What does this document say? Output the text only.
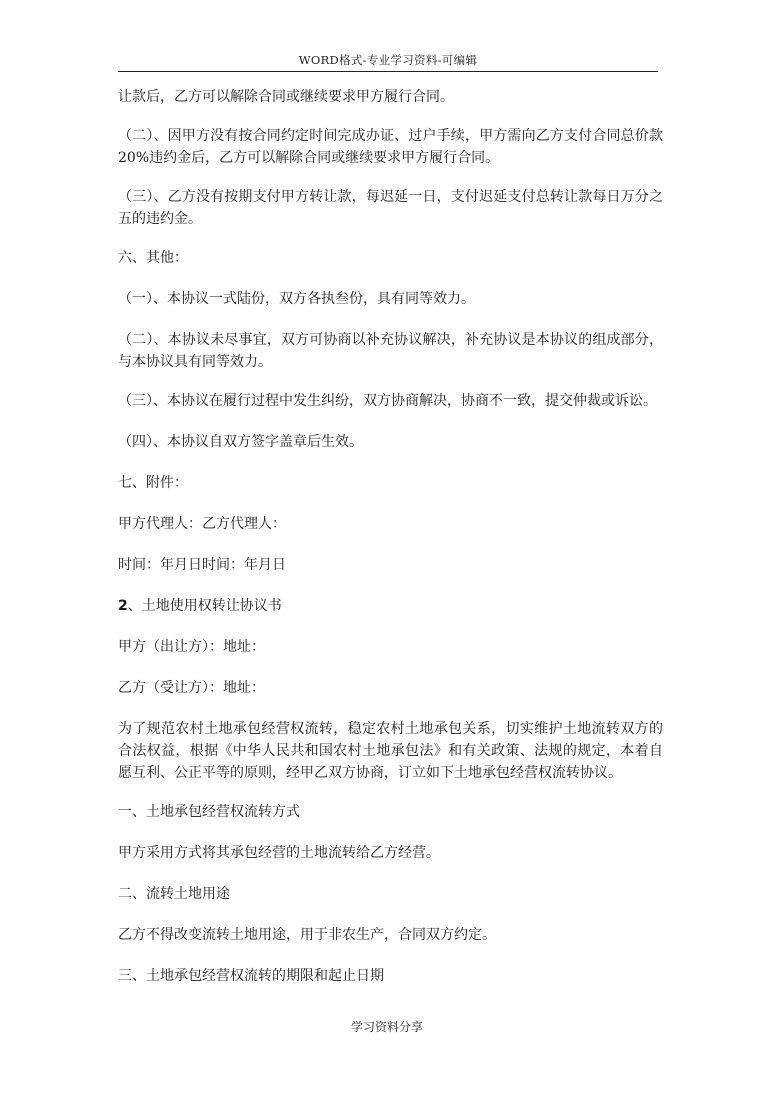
WORD格式-专业学习资料-可编辑

让款后，乙方可以解除合同或继续要求甲方履行合同。

（二）、因甲方没有按合同约定时间完成办证、过户手续，甲方需向乙方支付合同总价款 20%违约金后，乙方可以解除合同或继续要求甲方履行合同。

（三）、乙方没有按期支付甲方转让款，每迟延一日，支付迟延支付总转让款每日万分之五的违约金。

六、其他：

（一）、本协议一式陆份，双方各执叁份，具有同等效力。

（二）、本协议未尽事宜，双方可协商以补充协议解决，补充协议是本协议的组成部分，与本协议具有同等效力。

（三）、本协议在履行过程中发生纠纷，双方协商解决，协商不一致，提交仲裁或诉讼。

（四）、本协议自双方签字盖章后生效。

七、附件：

甲方代理人：乙方代理人：

时间：年月日时间：年月日

2、土地使用权转让协议书

甲方（出让方）：地址：

乙方（受让方）：地址：

为了规范农村土地承包经营权流转，稳定农村土地承包关系，切实维护土地流转双方的合法权益，根据《中华人民共和国农村土地承包法》和有关政策、法规的规定，本着自愿互利、公正平等的原则，经甲乙双方协商，订立如下土地承包经营权流转协议。

一、土地承包经营权流转方式

甲方采用方式将其承包经营的土地流转给乙方经营。

二、流转土地用途

乙方不得改变流转土地用途，用于非农生产，合同双方约定。

三、土地承包经营权流转的期限和起止日期

学习资料分享
